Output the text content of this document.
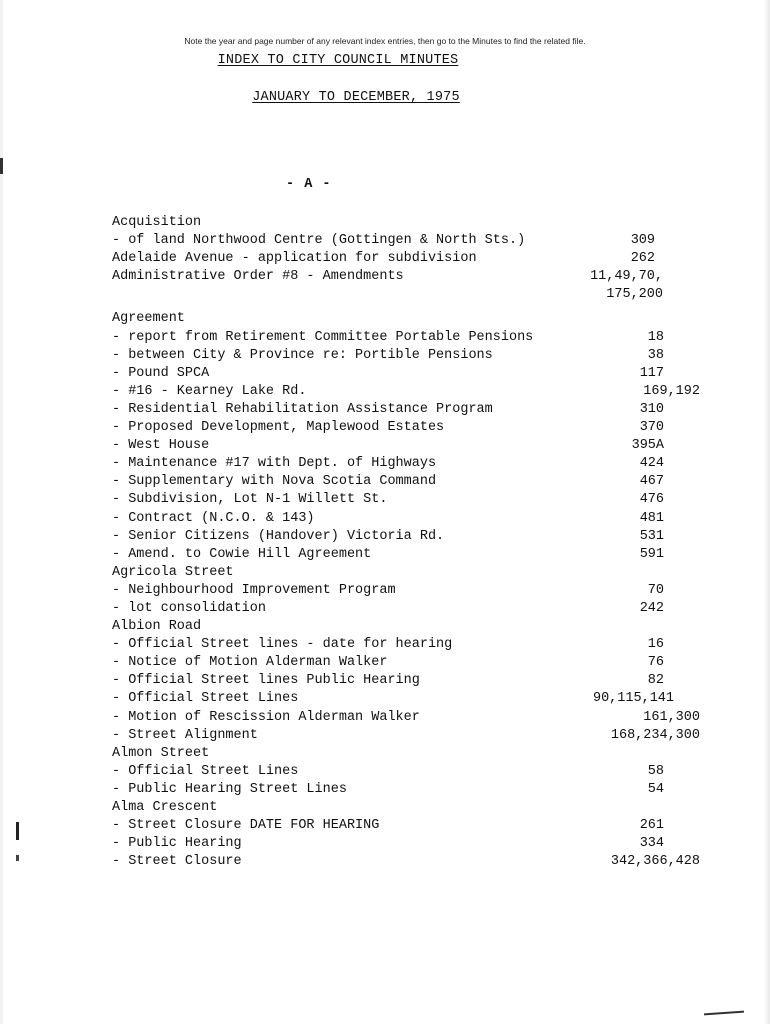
Note the year and page number of any relevant index entries, then go to the Minutes to find the related file.
INDEX TO CITY COUNCIL MINUTES
JANUARY TO DECEMBER, 1975
- A -
Acquisition
- of land Northwood Centre (Gottingen & North Sts.)	309
Adelaide Avenue - application for subdivision	262
Administrative Order #8 - Amendments	11,49,70,
175,200
Agreement
- report from Retirement Committee Portable Pensions	18
- between City & Province re: Portible Pensions	38
- Pound SPCA	117
- #16 - Kearney Lake Rd.	169,192
- Residential Rehabilitation Assistance Program	310
- Proposed Development, Maplewood Estates	370
- West House	395A
- Maintenance #17 with Dept. of Highways	424
- Supplementary with Nova Scotia Command	467
- Subdivision, Lot N-1 Willett St.	476
- Contract (N.C.O. & 143)	481
- Senior Citizens (Handover) Victoria Rd.	531
- Amend. to Cowie Hill Agreement	591
Agricola Street
- Neighbourhood Improvement Program	70
- lot consolidation	242
Albion Road
- Official Street lines - date for hearing	16
- Notice of Motion Alderman Walker	76
- Official Street lines Public Hearing	82
- Official Street Lines	90,115,141
- Motion of Rescission Alderman Walker	161,300
- Street Alignment	168,234,300
Almon Street
- Official Street Lines	58
- Public Hearing Street Lines	54
Alma Crescent
- Street Closure DATE FOR HEARING	261
- Public Hearing	334
- Street Closure	342,366,428
